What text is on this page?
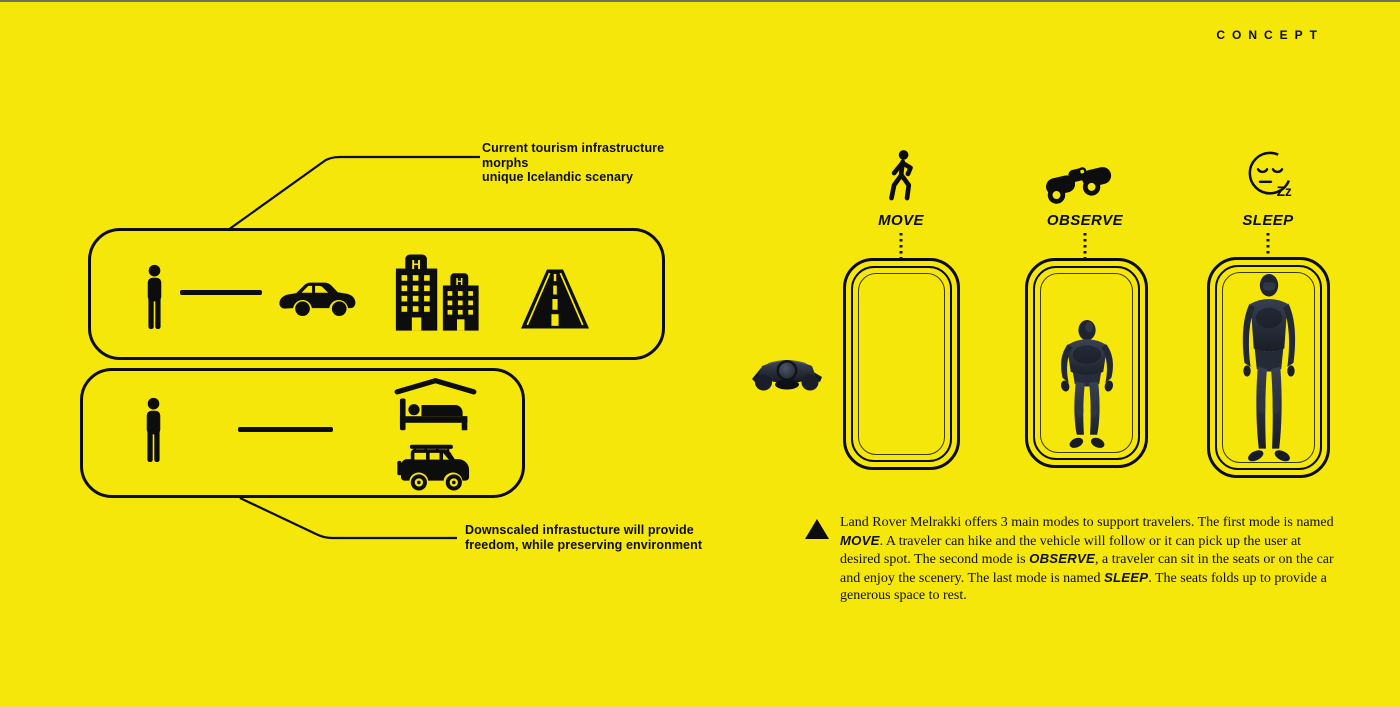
CONCEPT
Current tourism infrastructure morphs
unique Icelandic scenary
Downscaled infrastucture will provide
freedom, while preserving environment
H
H
MOVE	OBSERVE
Zz
SLEEP
Land Rover Melrakki offers 3 main modes to support travelers. The first mode is named MOVE. A traveler can hike and the vehicle will follow or it can pick up the user at desired spot. The second mode is OBSERVE, a traveler can sit in the seats or on the car and enjoy the scenery. The last mode is named SLEEP. The seats folds up to provide a generous space to rest.
